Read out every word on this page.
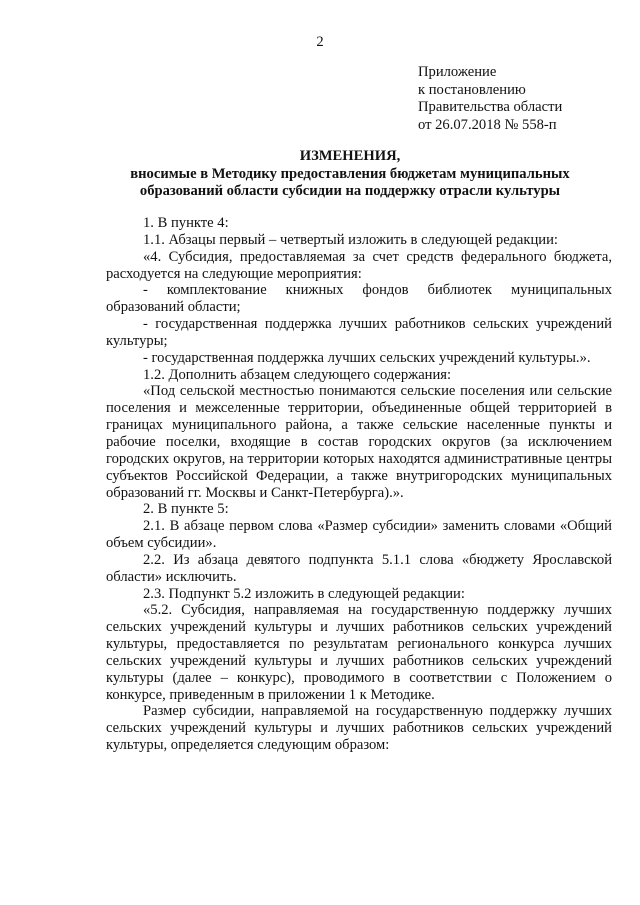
2
Приложение
к постановлению
Правительства области
от 26.07.2018 № 558-п
ИЗМЕНЕНИЯ,
вносимые в Методику предоставления бюджетам муниципальных
образований области субсидии на поддержку отрасли культуры

1. В пункте 4:

1.1. Абзацы первый – четвертый изложить в следующей редакции:

«4. Субсидия, предоставляемая за счет средств федерального бюджета, расходуется на следующие мероприятия:

- комплектование книжных фондов библиотек муниципальных образований области;

- государственная поддержка лучших работников сельских учреждений культуры;

- государственная поддержка лучших сельских учреждений культуры.».

1.2. Дополнить абзацем следующего содержания:

«Под сельской местностью понимаются сельские поселения или сельские поселения и межселенные территории, объединенные общей территорией в границах муниципального района, а также сельские населенные пункты и рабочие поселки, входящие в состав городских округов (за исключением городских округов, на территории которых находятся административные центры субъектов Российской Федерации, а также внутригородских муниципальных образований гг. Москвы и Санкт-Петербурга).».

2. В пункте 5:

2.1. В абзаце первом слова «Размер субсидии» заменить словами «Общий объем субсидии».

2.2. Из абзаца девятого подпункта 5.1.1 слова «бюджету Ярославской области» исключить.

2.3. Подпункт 5.2 изложить в следующей редакции:

«5.2. Субсидия, направляемая на государственную поддержку лучших сельских учреждений культуры и лучших работников сельских учреждений культуры, предоставляется по результатам регионального конкурса лучших сельских учреждений культуры и лучших работников сельских учреждений культуры (далее – конкурс), проводимого в соответствии с Положением о конкурсе, приведенным в приложении 1 к Методике.

Размер субсидии, направляемой на государственную поддержку лучших сельских учреждений культуры и лучших работников сельских учреждений культуры, определяется следующим образом:
